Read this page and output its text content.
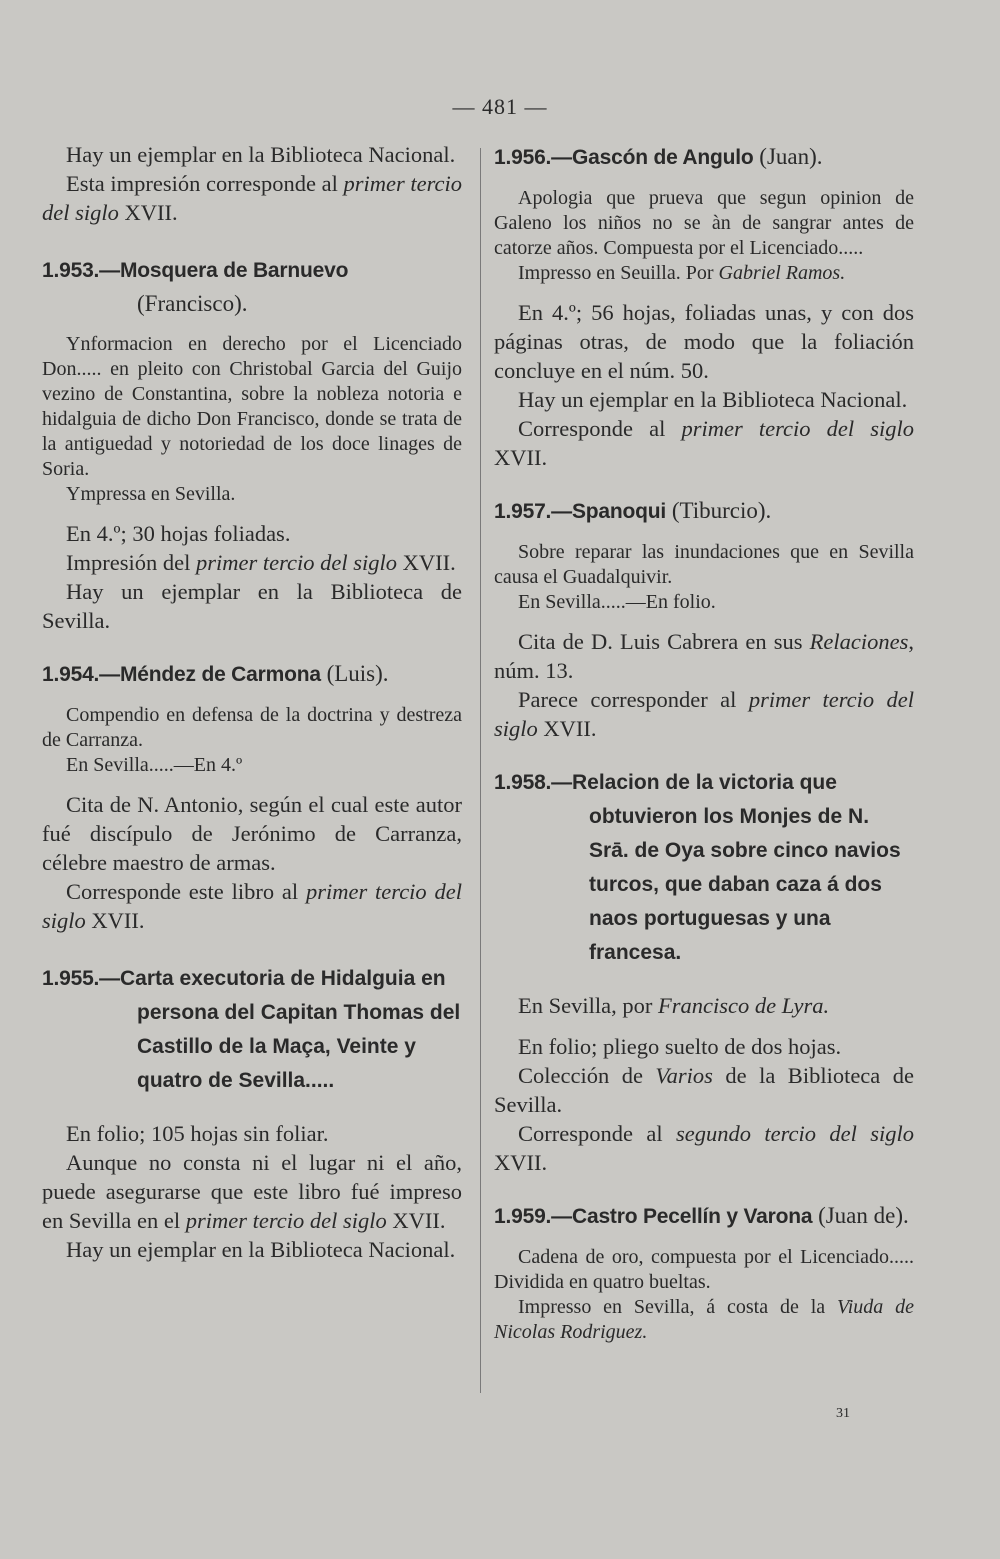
— 481 —

Hay un ejemplar en la Biblioteca Nacional.

Esta impresión corresponde al primer tercio del siglo XVII.

1.953.—Mosquera de Barnuevo (Francisco).

Ynformacion en derecho por el Licenciado Don..... en pleito con Christobal Garcia del Guijo vezino de Constantina, sobre la nobleza notoria e hidalguia de dicho Don Francisco, donde se trata de la antiguedad y notoriedad de los doce linages de Soria.

Ympressa en Sevilla.

En 4.º; 30 hojas foliadas.

Impresión del primer tercio del siglo XVII.

Hay un ejemplar en la Biblioteca de Sevilla.

1.954.—Méndez de Carmona (Luis).

Compendio en defensa de la doctrina y destreza de Carranza.

En Sevilla.....—En 4.º

Cita de N. Antonio, según el cual este autor fué discípulo de Jerónimo de Carranza, célebre maestro de armas.

Corresponde este libro al primer tercio del siglo XVII.

1.955.—Carta executoria de Hidalguia en persona del Capitan Thomas del Castillo de la Maça, Veinte y quatro de Sevilla.....

En folio; 105 hojas sin foliar.

Aunque no consta ni el lugar ni el año, puede asegurarse que este libro fué impreso en Sevilla en el primer tercio del siglo XVII.

Hay un ejemplar en la Biblioteca Nacional.

1.956.—Gascón de Angulo (Juan).

Apologia que prueva que segun opinion de Galeno los niños no se àn de sangrar antes de catorze años. Compuesta por el Licenciado.....

Impresso en Seuilla. Por Gabriel Ramos.

En 4.º; 56 hojas, foliadas unas, y con dos páginas otras, de modo que la foliación concluye en el núm. 50.

Hay un ejemplar en la Biblioteca Nacional.

Corresponde al primer tercio del siglo XVII.

1.957.—Spanoqui (Tiburcio).

Sobre reparar las inundaciones que en Sevilla causa el Guadalquivir.

En Sevilla.....—En folio.

Cita de D. Luis Cabrera en sus Relaciones, núm. 13.

Parece corresponder al primer tercio del siglo XVII.

1.958.—Relacion de la victoria que obtuvieron los Monjes de N. Srā. de Oya sobre cinco navios turcos, que daban caza á dos naos portuguesas y una francesa.

En Sevilla, por Francisco de Lyra.

En folio; pliego suelto de dos hojas.

Colección de Varios de la Biblioteca de Sevilla.

Corresponde al segundo tercio del siglo XVII.

1.959.—Castro Pecellín y Varona (Juan de).

Cadena de oro, compuesta por el Licenciado..... Dividida en quatro bueltas.

Impresso en Sevilla, á costa de la Viuda de Nicolas Rodriguez.

31
